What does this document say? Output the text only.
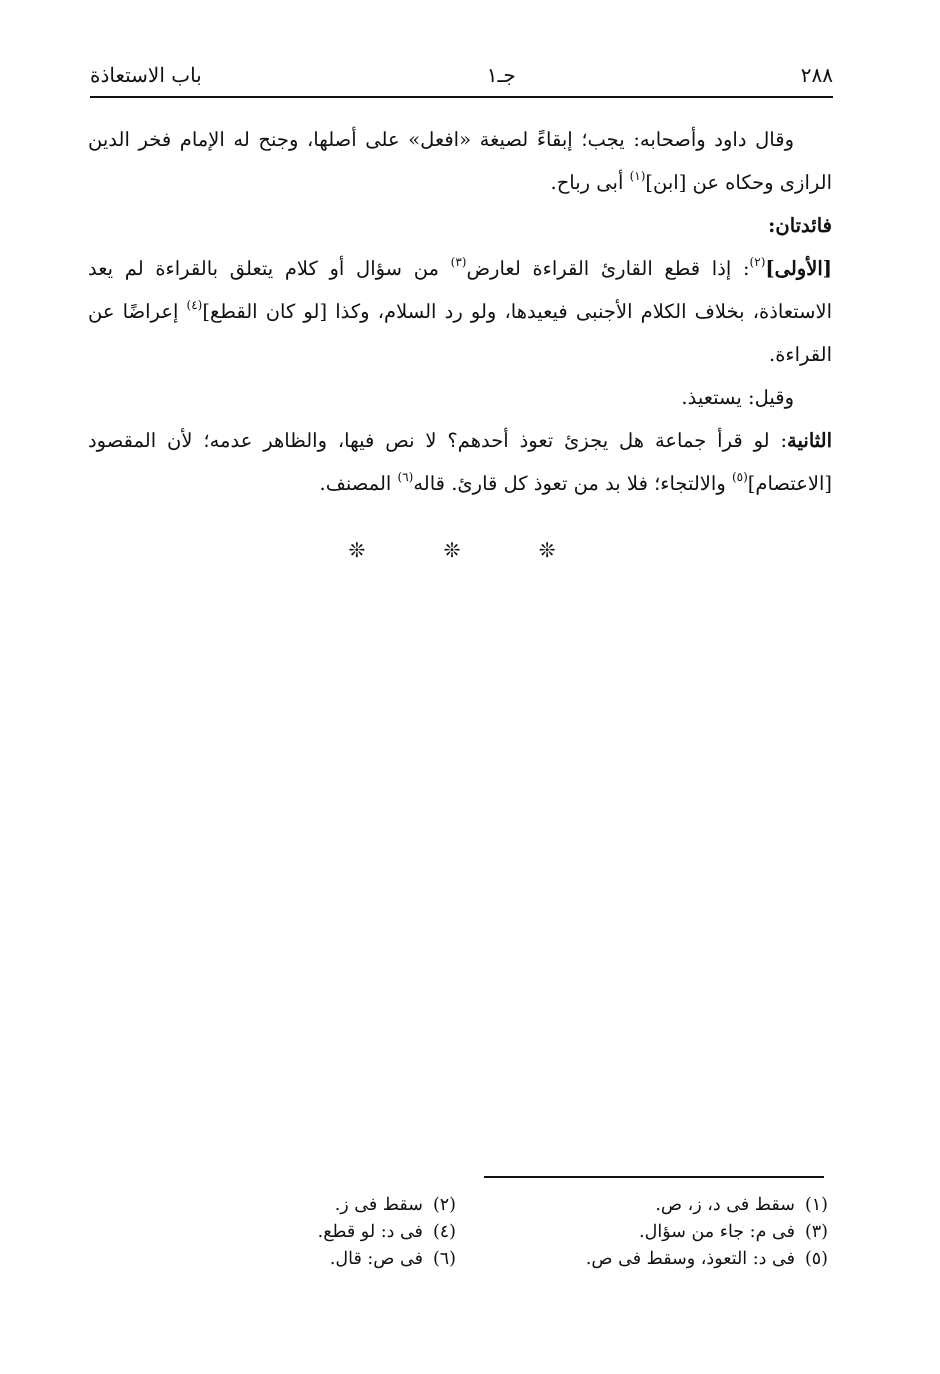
٢٨٨
جـ١
باب الاستعاذة

وقال داود وأصحابه: يجب؛ إبقاءً لصيغة «افعل» على أصلها، وجنح له الإمام فخر الدين الرازى وحكاه عن [ابن]$^{(١)}$ أبى رباح.

فائدتان:

[الأولى]$^{(٢)}$: إذا قطع القارئ القراءة لعارض$^{(٣)}$ من سؤال أو كلام يتعلق بالقراءة لم يعد الاستعاذة، بخلاف الكلام الأجنبى فيعيدها، ولو رد السلام، وكذا [لو كان القطع]$^{(٤)}$ إعراضًا عن القراءة.

وقيل: يستعيذ.

الثانية: لو قرأ جماعة هل يجزئ تعوذ أحدهم؟ لا نص فيها، والظاهر عدمه؛ لأن المقصود [الاعتصام]$^{(٥)}$ والالتجاء؛ فلا بد من تعوذ كل قارئ. قاله$^{(٦)}$ المصنف.

❊ ❊ ❊
(١)
سقط فى د، ز، ص.
(٣)
فى م: جاء من سؤال.
(٥)
فى د: التعوذ، وسقط فى ص.
(٢)
سقط فى ز.
(٤)
فى د: لو قطع.
(٦)
فى ص: قال.
